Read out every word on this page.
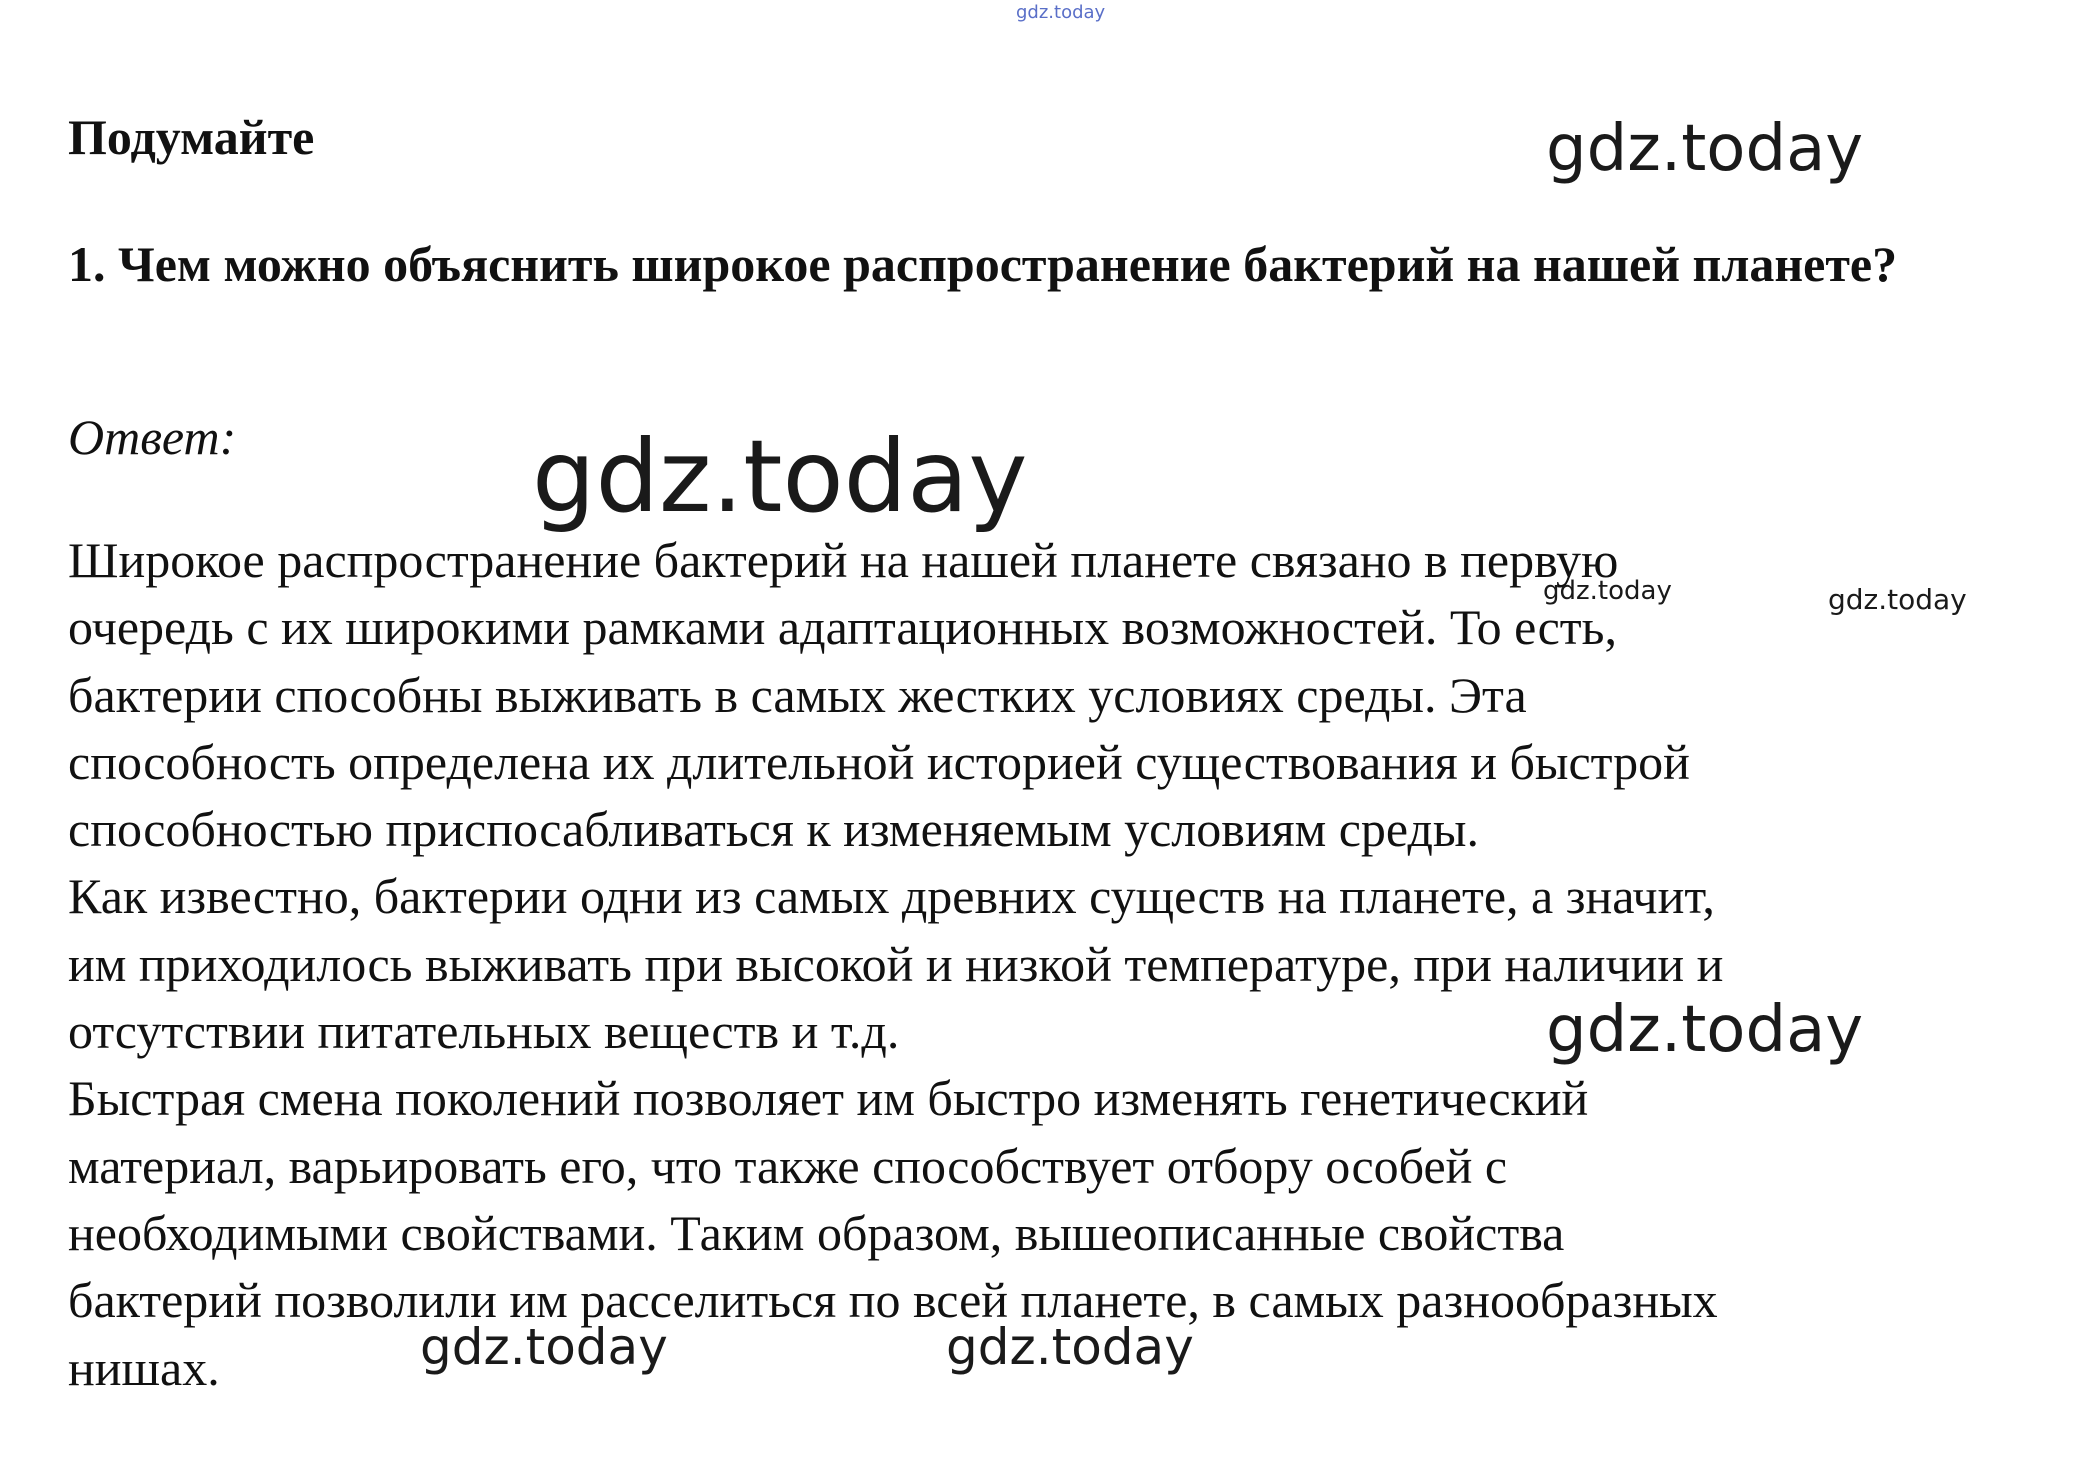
gdz.today
Подумайте	gdz.today

1. Чем можно объяснить широкое распространение бактерий на нашей планете?

Ответ:	gdz.today
Широкое распространение бактерий на нашей планете связано в первую
очередь с их широкими рамками адаптационных возможностей. То есть,
бактерии способны выживать в самых жестких условиях среды. Эта
способность определена их длительной историей существования и быстрой
способностью приспосабливаться к изменяемым условиям среды.
Как известно, бактерии одни из самых древних существ на планете, а значит,
им приходилось выживать при высокой и низкой температуре, при наличии и
отсутствии питательных веществ и т.д.
Быстрая смена поколений позволяет им быстро изменять генетический
материал, варьировать его, что также способствует отбору особей с
необходимыми свойствами. Таким образом, вышеописанные свойства
бактерий позволили им расселиться по всей планете, в самых разнообразных
нишах.
gdz.today	gdz.today
gdz.today
gdz.today	gdz.today
